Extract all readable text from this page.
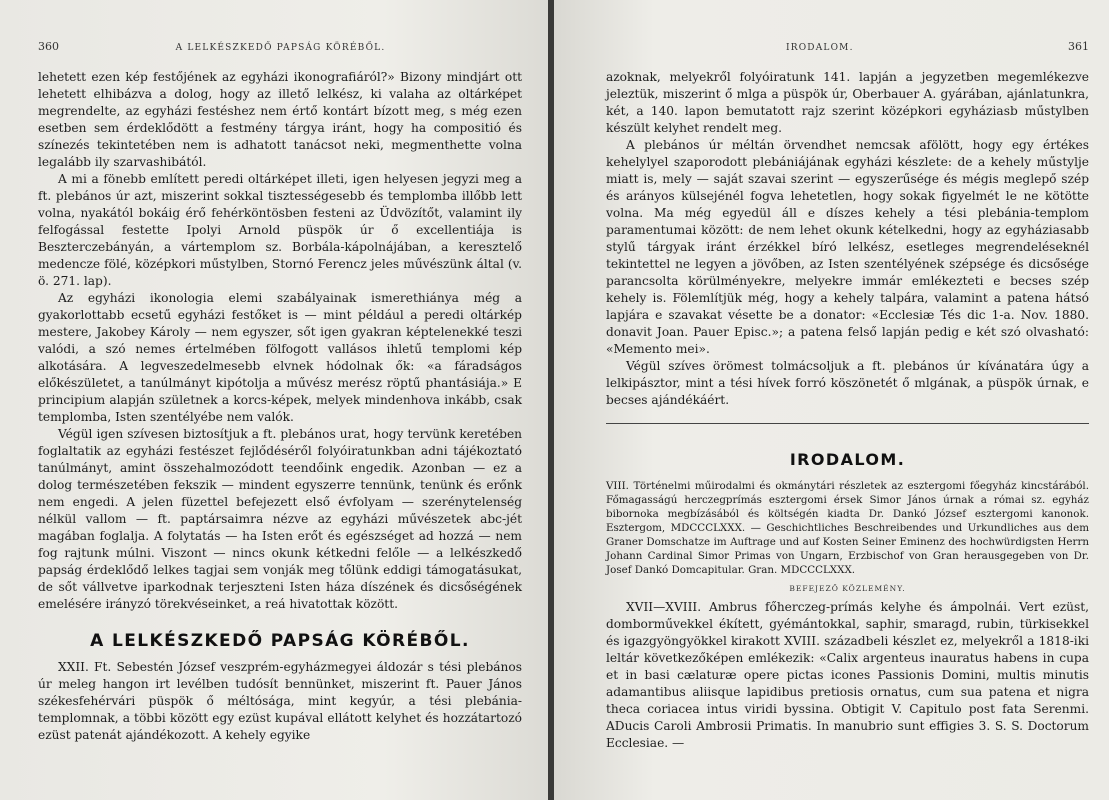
360	A LELKÉSZKEDŐ PAPSÁG KÖRÉBŐL.

lehetett ezen kép festőjének az egyházi ikonografiáról?» Bizony mindjárt ott lehetett elhibázva a dolog, hogy az illető lelkész, ki valaha az oltárképet megrendelte, az egyházi festéshez nem értő kontárt bízott meg, s még ezen esetben sem érdeklődött a festmény tárgya iránt, hogy ha compositió és színezés tekintetében nem is adhatott tanácsot neki, megmenthette volna legalább ily szarvashibától.

A mi a fönebb említett peredi oltárképet illeti, igen helyesen jegyzi meg a ft. plebános úr azt, miszerint sokkal tisztességesebb és templomba illőbb lett volna, nyakától bokáig érő fehérköntösben festeni az Üdvözítőt, valamint ily felfogással festette Ipolyi Arnold püspök úr ő excellentiája is Beszterczebányán, a vártemplom sz. Borbála-kápolnájában, a keresztelő medencze fölé, középkori műstylben, Stornó Ferencz jeles művészünk által (v. ö. 271. lap).

Az egyházi ikonologia elemi szabályainak ismerethiánya még a gyakorlottabb ecsetű egyházi festőket is — mint például a peredi oltárkép mestere, Jakobey Károly — nem egyszer, sőt igen gyakran képtelenekké teszi valódi, a szó nemes értelmében fölfogott vallásos ihletű templomi kép alkotására. A legveszedelmesebb elvnek hódolnak ők: «a fáradságos előkészületet, a tanúlmányt kipótolja a művész merész röptű phantásiája.» E principium alapján születnek a korcs-képek, melyek mindenhova inkább, csak templomba, Isten szentélyébe nem valók.

Végül igen szívesen biztosítjuk a ft. plebános urat, hogy tervünk keretében foglaltatik az egyházi festészet fejlődéséről folyóiratunkban adni tájékoztató tanúlmányt, amint összehalmozódott teendőink engedik. Azonban — ez a dolog természetében fekszik — mindent egyszerre tennünk, tenünk és erőnk nem engedi. A jelen füzettel befejezett első évfolyam — szerénytelenség nélkül vallom — ft. paptársaimra nézve az egyházi művészetek abc-jét magában foglalja. A folytatás — ha Isten erőt és egészséget ad hozzá — nem fog rajtunk múlni. Viszont — nincs okunk kétkedni felőle — a lelkészkedő papság érdeklődő lelkes tagjai sem vonják meg tőlünk eddigi támogatásukat, de sőt vállvetve iparkodnak terjeszteni Isten háza díszének és dicsőségének emelésére irányzó törekvéseinket, a reá hivatottak között.

A LELKÉSZKEDŐ PAPSÁG KÖRÉBŐL.

XXII. Ft. Sebestén József veszprém-egyházmegyei áldozár s tési plebános úr meleg hangon irt levélben tudósít bennünket, miszerint ft. Pauer János székesfehérvári püspök ő méltósága, mint kegyúr, a tési plebánia-templomnak, a többi között egy ezüst kupával ellátott kelyhet és hozzátartozó ezüst patenát ajándékozott. A kehely egyike

IRODALOM.	361

azoknak, melyekről folyóiratunk 141. lapján a jegyzetben megemlékezve jeleztük, miszerint ő mlga a püspök úr, Oberbauer A. gyárában, ajánlatunkra, két, a 140. lapon bemutatott rajz szerint középkori egyháziasb műstylben készült kelyhet rendelt meg.

A plebános úr méltán örvendhet nemcsak afölött, hogy egy értékes kehelylyel szaporodott plebániájának egyházi készlete: de a kehely műstylje miatt is, mely — saját szavai szerint — egyszerűsége és mégis meglepő szép és arányos külsejénél fogva lehetetlen, hogy sokak figyelmét le ne kötötte volna. Ma még egyedül áll e díszes kehely a tési plebánia-templom paramentumai között: de nem lehet okunk kételkedni, hogy az egyháziasabb stylű tárgyak iránt érzékkel bíró lelkész, esetleges megrendeléseknél tekintettel ne legyen a jövőben, az Isten szentélyének szépsége és dicsősége parancsolta körülményekre, melyekre immár emlékezteti e becses szép kehely is. Fölemlítjük még, hogy a kehely talpára, valamint a patena hátsó lapjára e szavakat vésette be a donator: «Ecclesiæ Tés dic 1-a. Nov. 1880. donavit Joan. Pauer Episc.»; a patena felső lapján pedig e két szó olvasható: «Memento mei».

Végül szíves örömest tolmácsoljuk a ft. plebános úr kívánatára úgy a lelkipásztor, mint a tési hívek forró köszönetét ő mlgának, a püspök úrnak, e becses ajándékáért.

IRODALOM.

VIII. Történelmi műirodalmi és okmánytári részletek az esztergomi főegyház kincstárából. Főmagasságú herczegprímás esztergomi érsek Simor János úrnak a római sz. egyház bibornoka megbízásából és költségén kiadta Dr. Dankó József esztergomi kanonok. Esztergom, MDCCCLXXX. — Geschichtliches Beschreibendes und Urkundliches aus dem Graner Domschatze im Auftrage und auf Kosten Seiner Eminenz des hochwürdigsten Herrn Johann Cardinal Simor Primas von Ungarn, Erzbischof von Gran herausgegeben von Dr. Josef Dankó Domcapitular. Gran. MDCCCLXXX.

BEFEJEZŐ KÖZLEMÉNY.

XVII—XVIII. Ambrus főherczeg-prímás kelyhe és ámpolnái. Vert ezüst, domborművekkel ékített, gyémántokkal, saphir, smaragd, rubin, türkisekkel és igazgyöngyökkel kirakott XVIII. századbeli készlet ez, melyekről a 1818-iki leltár következőképen emlékezik: «Calix argenteus inauratus habens in cupa et in basi cælaturæ opere pictas icones Passionis Domini, multis minutis adamantibus aliisque lapidibus pretiosis ornatus, cum sua patena et nigra theca coriacea intus viridi byssina. Obtigit V. Capitulo post fata Serenmi. ADucis Caroli Ambrosii Primatis. In manubrio sunt effigies 3. S. S. Doctorum Ecclesiae. —
